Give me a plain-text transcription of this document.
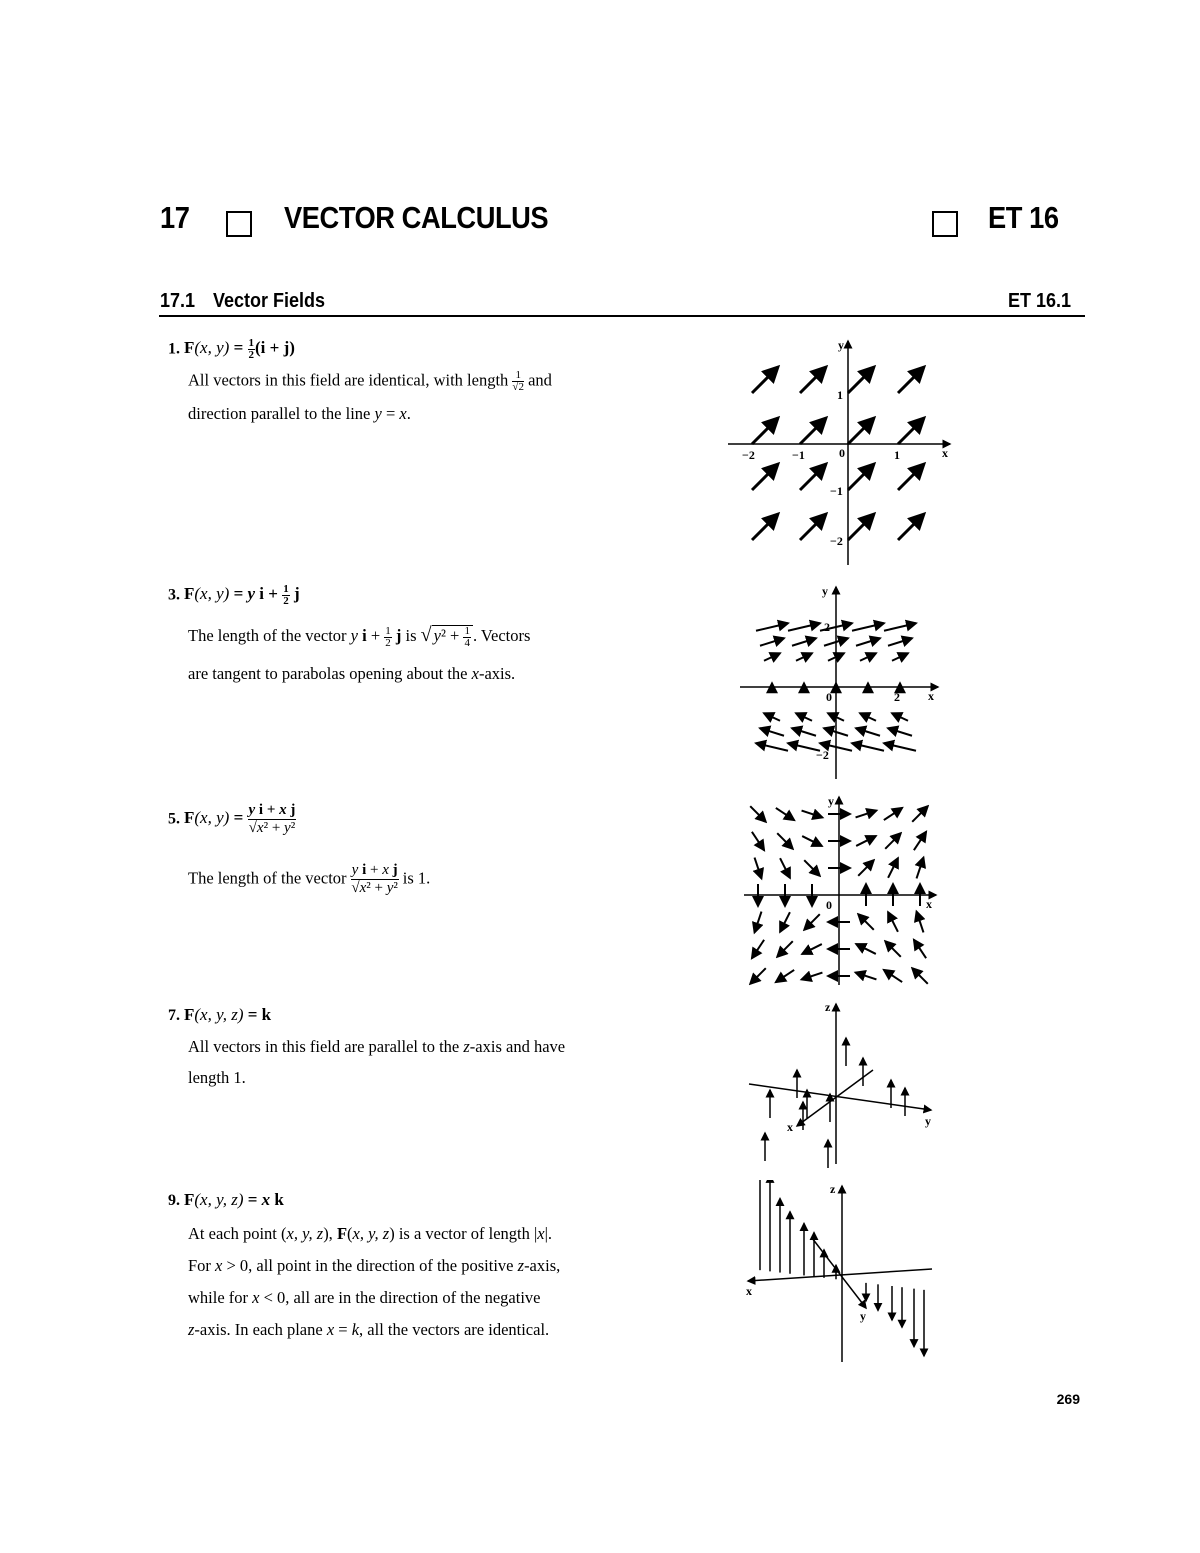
17	VECTOR CALCULUS	ET 16
17.1 Vector Fields	ET 16.1
1. F(x, $y) = \frac{1}{2} (i + j)$
All vectors in this field are identical, with length $\frac{1}{√2}$ and
direction parallel to the line y = x.
3. F(x, y) = y $i + \frac{1}{2}$ j
The length of the vector y $i + \frac{1}{2}$ j is √ $y^2 + \frac{1}{4}$ . Vectors
are tangent to parabolas opening about the x-axis.
5. F(x, $y) = \frac{\text{y i + x j}}{\text{√x² + y²}}$
The length of the vector $\frac{\text{y i + x j}}{\text{√x² + y²}}$ is 1.
7. F(x, y, z) = k
All vectors in this field are parallel to the z-axis and have
length 1.
9. F(x, y, z) = x k
At each point (x, y, z), F(x, y, z) is a vector of length |x|.
For x > 0, all point in the direction of the positive z-axis,
while for x < 0, all are in the direction of the negative
z-axis. In each plane x = k, all the vectors are identical.
y
x
−2	−1	0	1
1
−1
−2
y
x
0	2
2
−2
y
x
0
z
y
x
z
x
y
269
